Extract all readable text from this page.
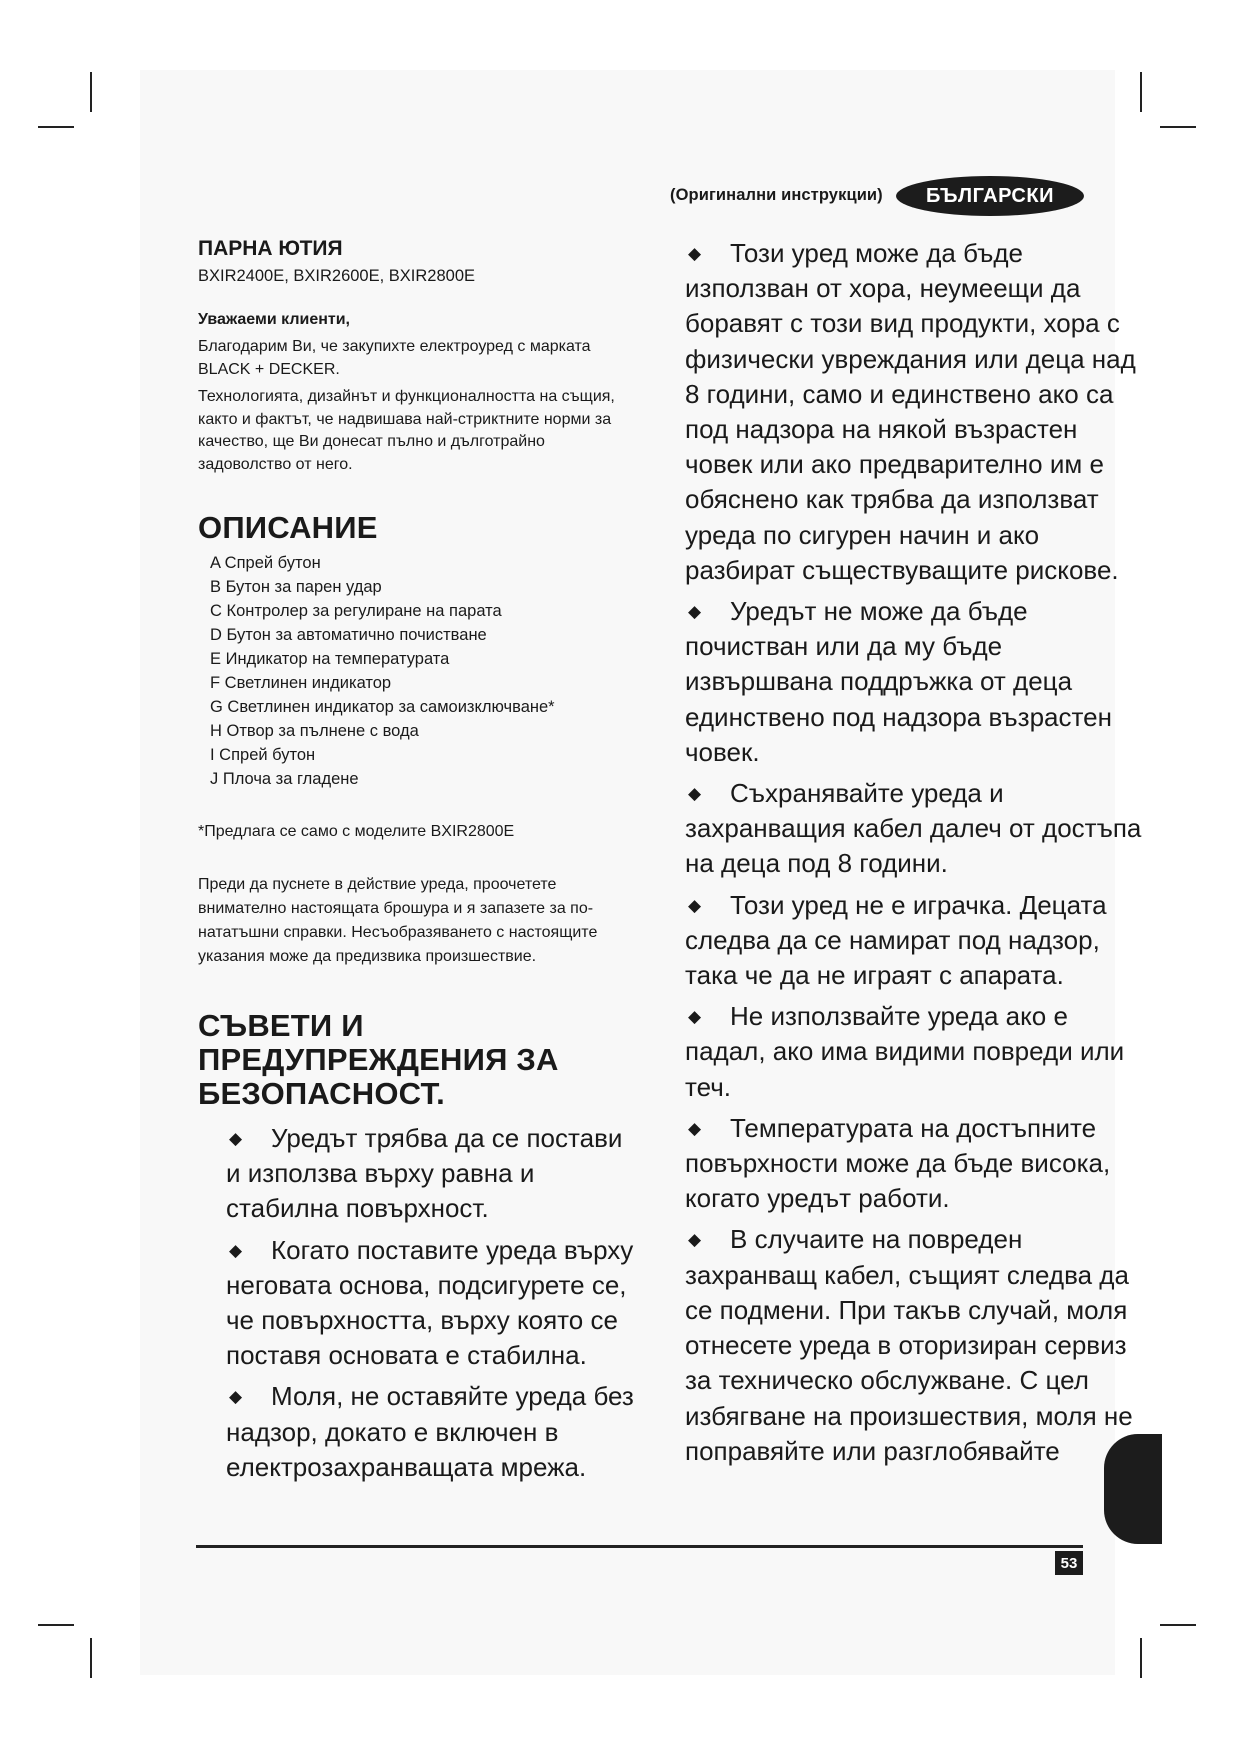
(Оригинални инструкции)	БЪЛГАРСКИ
ПАРНА ЮТИЯ

BXIR2400E, BXIR2600E, BXIR2800E

Уважаеми клиенти,

Благодарим Ви, че закупихте електроуред с марката BLACK + DECKER.

Технологията, дизайнът и функционалността на същия, както и фактът, че надвишава най-стриктните норми за качество, ще Ви донесат пълно и дълготрайно задоволство от него.

ОПИСАНИЕ
A Спрей бутон
B Бутон за парен удар
C Контролер за регулиране на парата
D Бутон за автоматично почистване
E Индикатор на температурата
F Светлинен индикатор
G Светлинен индикатор за самоизключване*
H Отвор за пълнене с вода
I Спрей бутон
J Плоча за гладене

*Предлага се само с моделите BXIR2800E

Преди да пуснете в действие уреда, проочетете внимателно настоящата брошура и я запазете за по-нататъшни справки. Несъобразяването с настоящите указания може да предизвика произшествие.

СЪВЕТИ И ПРЕДУПРЕЖДЕНИЯ ЗА БЕЗОПАСНОСТ.
◆ Уредът трябва да се постави и използва върху равна и стабилна повърхност.
◆ Когато поставите уреда върху неговата основа, подсигурете се, че повърхността, върху която се поставя основата е стабилна.
◆ Моля, не оставяйте уреда без надзор, докато е включен в електрозахранващата мрежа.
◆ Този уред може да бъде използван от хора, неумеещи да боравят с този вид продукти, хора с физически увреждания или деца над 8 години, само и единствено ако са под надзора на някой възрастен човек или ако предварително им е обяснено как трябва да използват уреда по сигурен начин и ако разбират съществуващите рискове.
◆ Уредът не може да бъде почистван или да му бъде извършвана поддръжка от деца единствено под надзора възрастен човек.
◆ Съхранявайте уреда и захранващия кабел далеч от достъпа на деца под 8 години.
◆ Този уред не е играчка. Децата следва да се намират под надзор, така че да не играят с апарата.
◆ Не използвайте уреда ако е падал, ако има видими повреди или теч.
◆ Температурата на достъпните повърхности може да бъде висока, когато уредът работи.
◆ В случаите на повреден захранващ кабел, същият следва да се подмени. При такъв случай, моля отнесете уреда в оторизиран сервиз за техническо обслужване. С цел избягване на произшествия, моля не поправяйте или разглобявайте
53
